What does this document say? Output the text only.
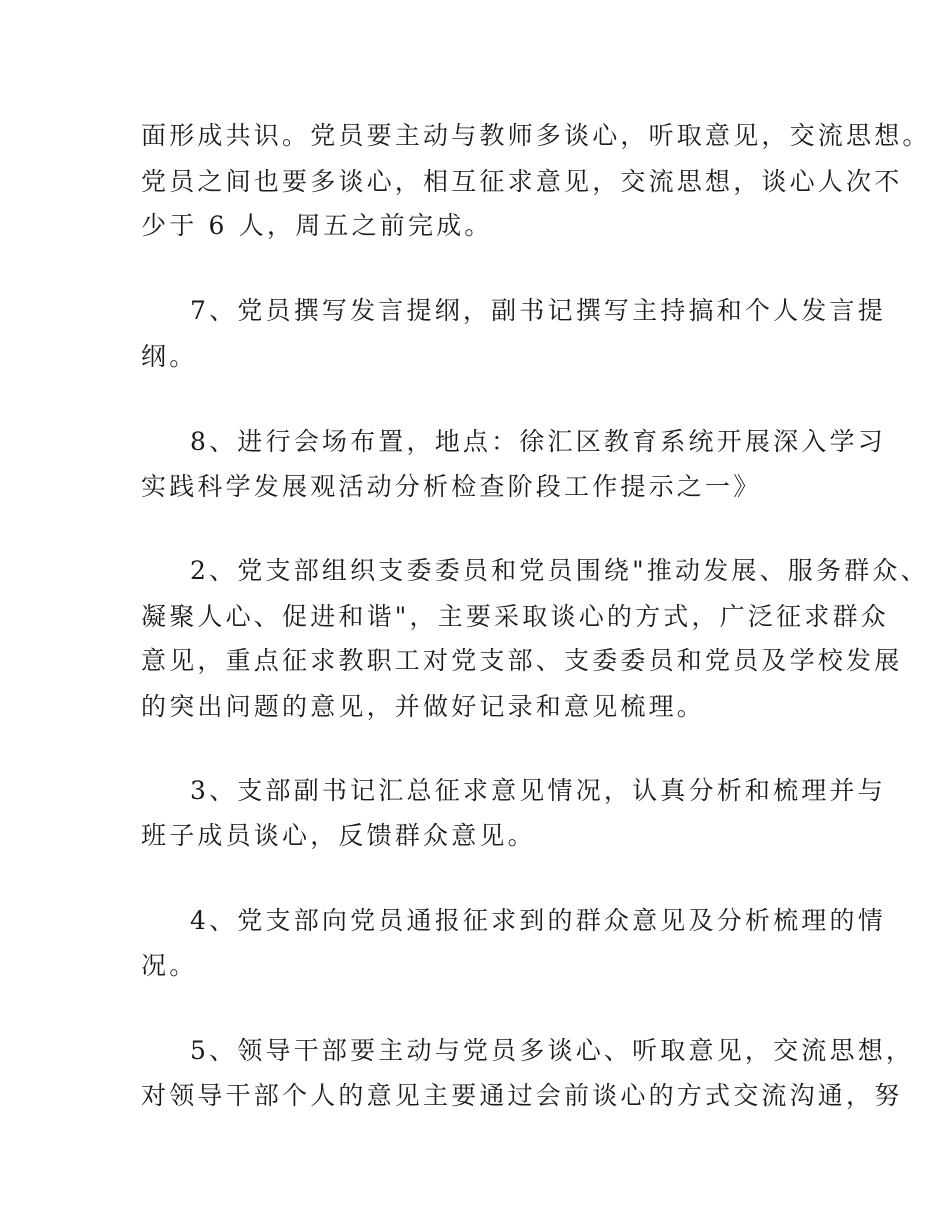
面形成共识。党员要主动与教师多谈心，听取意见，交流思想。
党员之间也要多谈心，相互征求意见，交流思想，谈心人次不
少于 6 人，周五之前完成。
7、党员撰写发言提纲，副书记撰写主持搞和个人发言提
纲。
8、进行会场布置，地点：徐汇区教育系统开展深入学习
实践科学发展观活动分析检查阶段工作提示之一》
2、党支部组织支委委员和党员围绕"推动发展、服务群众、
凝聚人心、促进和谐"，主要采取谈心的方式，广泛征求群众
意见，重点征求教职工对党支部、支委委员和党员及学校发展
的突出问题的意见，并做好记录和意见梳理。
3、支部副书记汇总征求意见情况，认真分析和梳理并与
班子成员谈心，反馈群众意见。
4、党支部向党员通报征求到的群众意见及分析梳理的情
况。
5、领导干部要主动与党员多谈心、听取意见，交流思想，
对领导干部个人的意见主要通过会前谈心的方式交流沟通，努
